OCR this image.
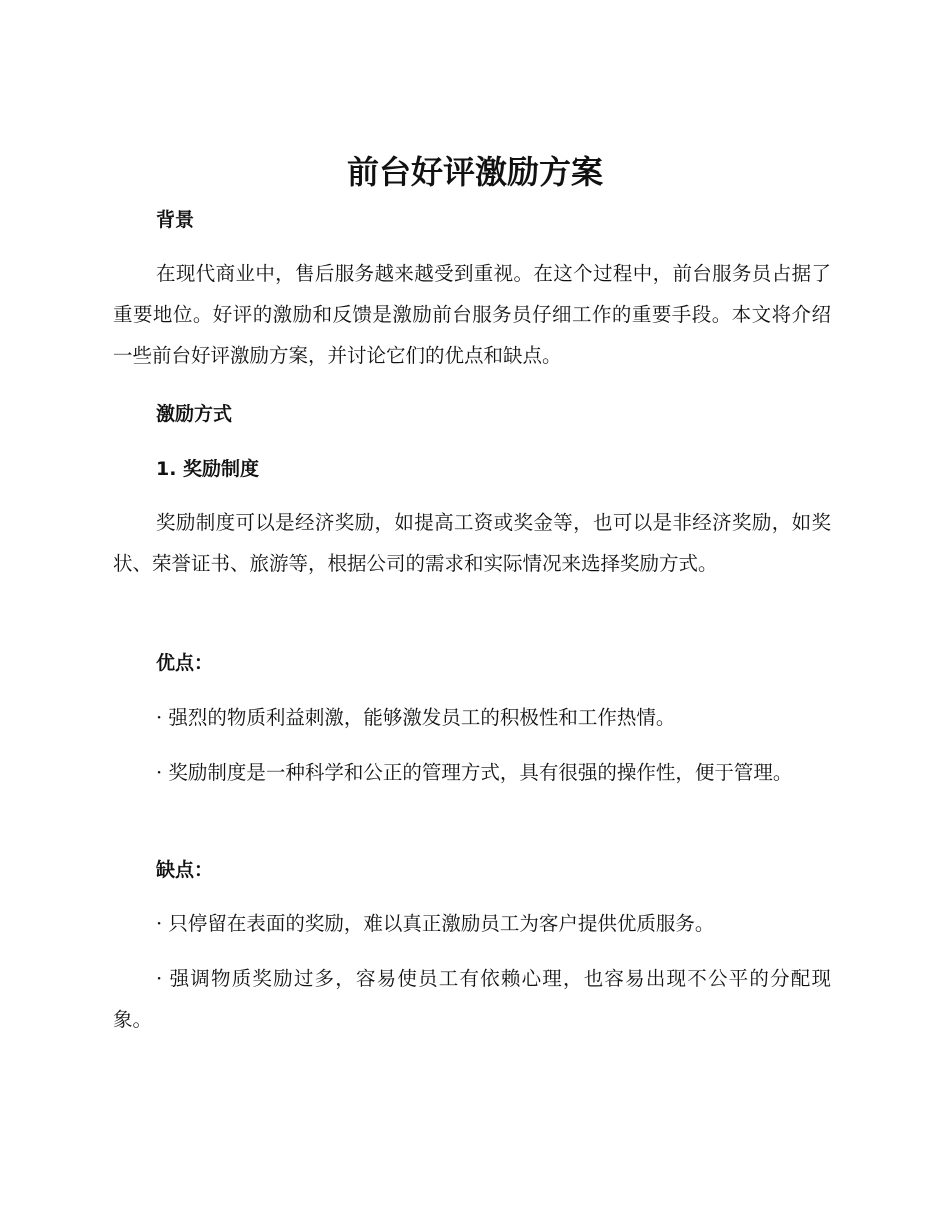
前台好评激励方案
背景

在现代商业中，售后服务越来越受到重视。在这个过程中，前台服务员占据了重要地位。好评的激励和反馈是激励前台服务员仔细工作的重要手段。本文将介绍一些前台好评激励方案，并讨论它们的优点和缺点。

激励方式
1. 奖励制度

奖励制度可以是经济奖励，如提高工资或奖金等，也可以是非经济奖励，如奖状、荣誉证书、旅游等，根据公司的需求和实际情况来选择奖励方式。

优点：

· 强烈的物质利益刺激，能够激发员工的积极性和工作热情。

· 奖励制度是一种科学和公正的管理方式，具有很强的操作性，便于管理。

缺点：

· 只停留在表面的奖励，难以真正激励员工为客户提供优质服务。

· 强调物质奖励过多，容易使员工有依赖心理，也容易出现不公平的分配现象。
